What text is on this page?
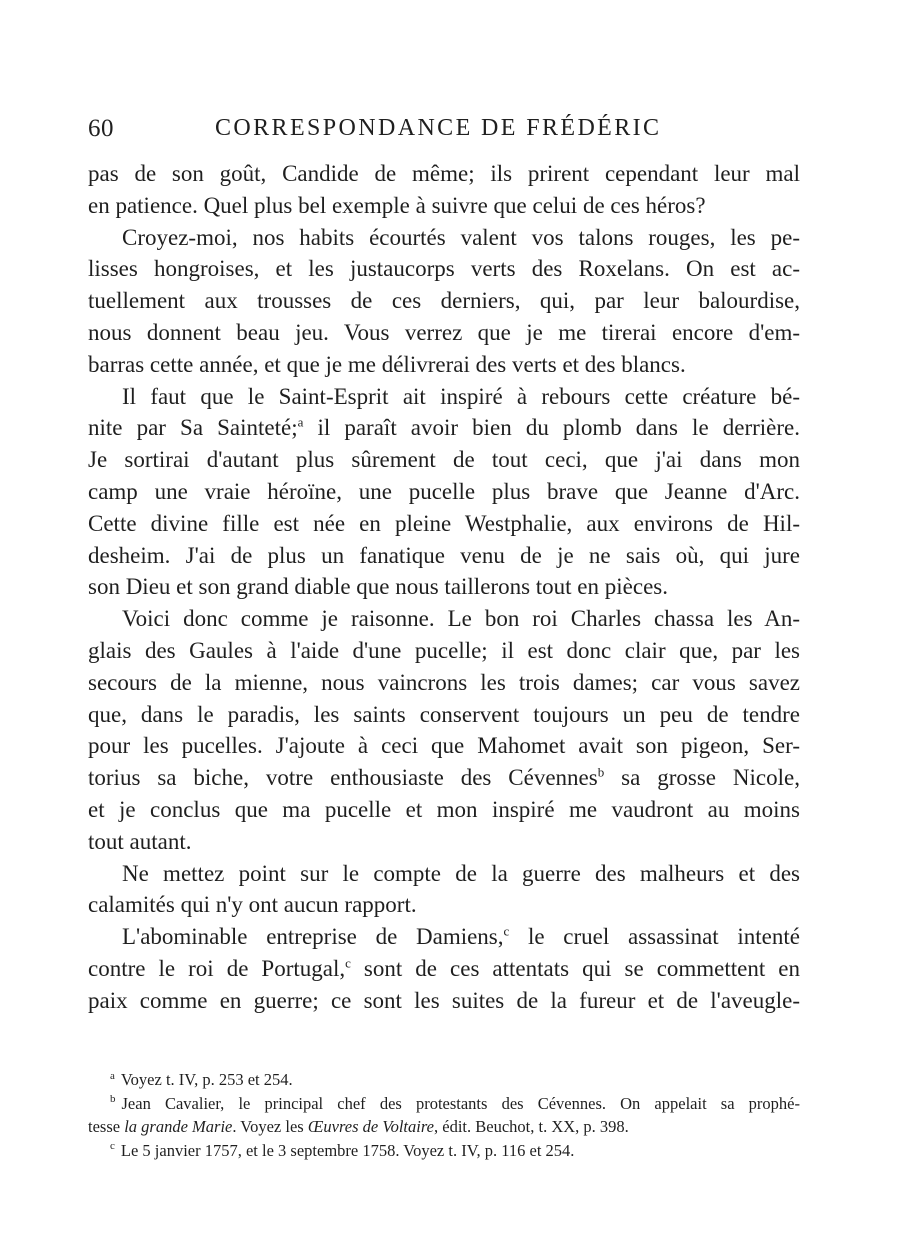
60	CORRESPONDANCE DE FRÉDÉRIC
pas de son goût, Candide de même; ils prirent cependant leur mal
en patience. Quel plus bel exemple à suivre que celui de ces héros?
Croyez-moi, nos habits écourtés valent vos talons rouges, les pe-
lisses hongroises, et les justaucorps verts des Roxelans. On est ac-
tuellement aux trousses de ces derniers, qui, par leur balourdise,
nous donnent beau jeu. Vous verrez que je me tirerai encore d'em-
barras cette année, et que je me délivrerai des verts et des blancs.
Il faut que le Saint-Esprit ait inspiré à rebours cette créature bé-
nite par Sa Sainteté;$^a$ il paraît avoir bien du plomb dans le derrière.
Je sortirai d'autant plus sûrement de tout ceci, que j'ai dans mon
camp une vraie héroïne, une pucelle plus brave que Jeanne d'Arc.
Cette divine fille est née en pleine Westphalie, aux environs de Hil-
desheim. J'ai de plus un fanatique venu de je ne sais où, qui jure
son Dieu et son grand diable que nous taillerons tout en pièces.
Voici donc comme je raisonne. Le bon roi Charles chassa les An-
glais des Gaules à l'aide d'une pucelle; il est donc clair que, par les
secours de la mienne, nous vaincrons les trois dames; car vous savez
que, dans le paradis, les saints conservent toujours un peu de tendre
pour les pucelles. J'ajoute à ceci que Mahomet avait son pigeon, Ser-
torius sa biche, votre enthousiaste des Cévennes$^b$ sa grosse Nicole,
et je conclus que ma pucelle et mon inspiré me vaudront au moins
tout autant.
Ne mettez point sur le compte de la guerre des malheurs et des
calamités qui n'y ont aucun rapport.
L'abominable entreprise de Damiens,$^c$ le cruel assassinat intenté
contre le roi de Portugal,$^c$ sont de ces attentats qui se commettent en
paix comme en guerre; ce sont les suites de la fureur et de l'aveugle-
$^a$ Voyez t. IV, p. 253 et 254.
$^b$ Jean Cavalier, le principal chef des protestants des Cévennes. On appelait sa prophé-
tesse la grande Marie. Voyez les Œuvres de Voltaire, édit. Beuchot, t. XX, p. 398.
$^c$ Le 5 janvier 1757, et le 3 septembre 1758. Voyez t. IV, p. 116 et 254.
